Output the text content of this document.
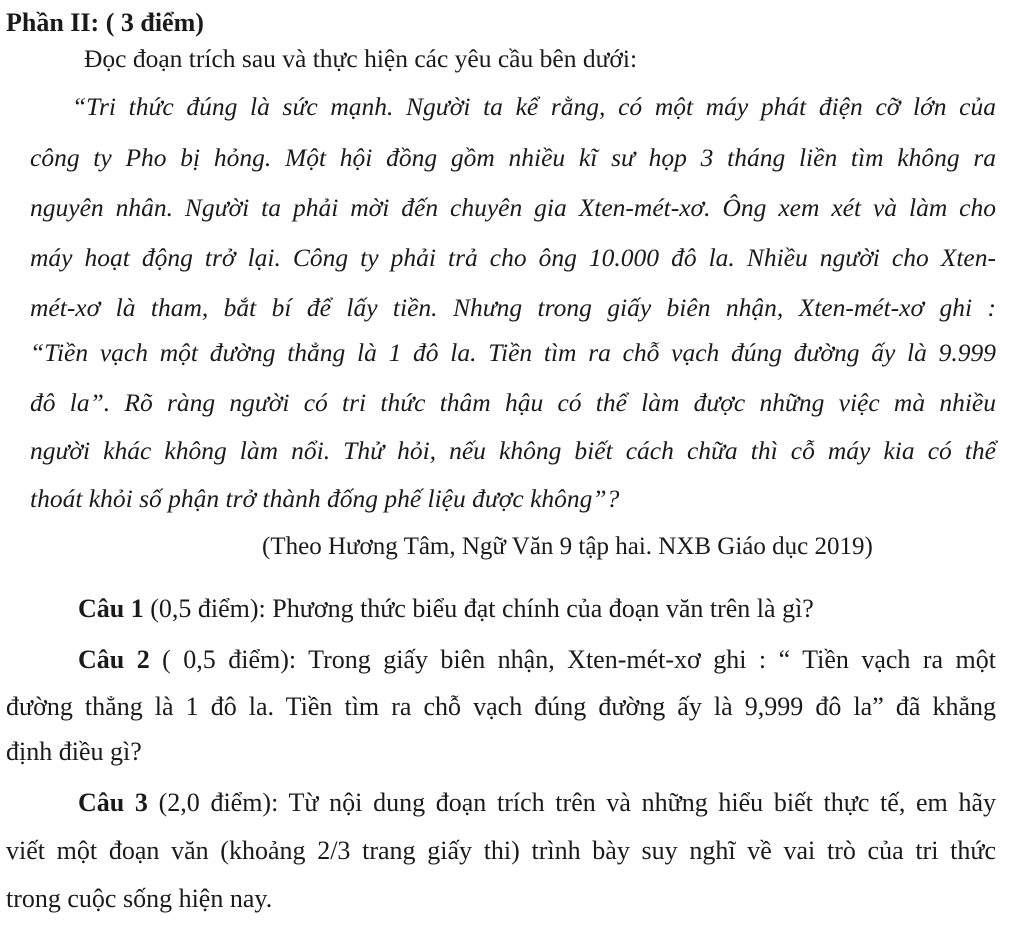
Phần II: ( 3 điểm)
Đọc đoạn trích sau và thực hiện các yêu cầu bên dưới:
“Tri thức đúng là sức mạnh. Người ta kể rằng, có một máy phát điện cỡ lớn của
công ty Pho bị hỏng. Một hội đồng gồm nhiều kĩ sư họp 3 tháng liền tìm không ra
nguyên nhân. Người ta phải mời đến chuyên gia Xten-mét-xơ. Ông xem xét và làm cho
máy hoạt động trở lại. Công ty phải trả cho ông 10.000 đô la. Nhiều người cho Xten-
mét-xơ là tham, bắt bí để lấy tiền. Nhưng trong giấy biên nhận, Xten-mét-xơ ghi :
“Tiền vạch một đường thẳng là 1 đô la. Tiền tìm ra chỗ vạch đúng đường ấy là 9.999
đô la”. Rõ ràng người có tri thức thâm hậu có thể làm được những việc mà nhiều
người khác không làm nổi. Thử hỏi, nếu không biết cách chữa thì cỗ máy kia có thể
thoát khỏi số phận trở thành đống phế liệu được không”?
(Theo Hương Tâm, Ngữ Văn 9 tập hai. NXB Giáo dục 2019)
Câu 1 (0,5 điểm): Phương thức biểu đạt chính của đoạn văn trên là gì?
Câu 2 ( 0,5 điểm): Trong giấy biên nhận, Xten-mét-xơ ghi : “ Tiền vạch ra một
đường thẳng là 1 đô la. Tiền tìm ra chỗ vạch đúng đường ấy là 9,999 đô la” đã khẳng
định điều gì?
Câu 3 (2,0 điểm): Từ nội dung đoạn trích trên và những hiểu biết thực tế, em hãy
viết một đoạn văn (khoảng 2/3 trang giấy thi) trình bày suy nghĩ về vai trò của tri thức
trong cuộc sống hiện nay.
